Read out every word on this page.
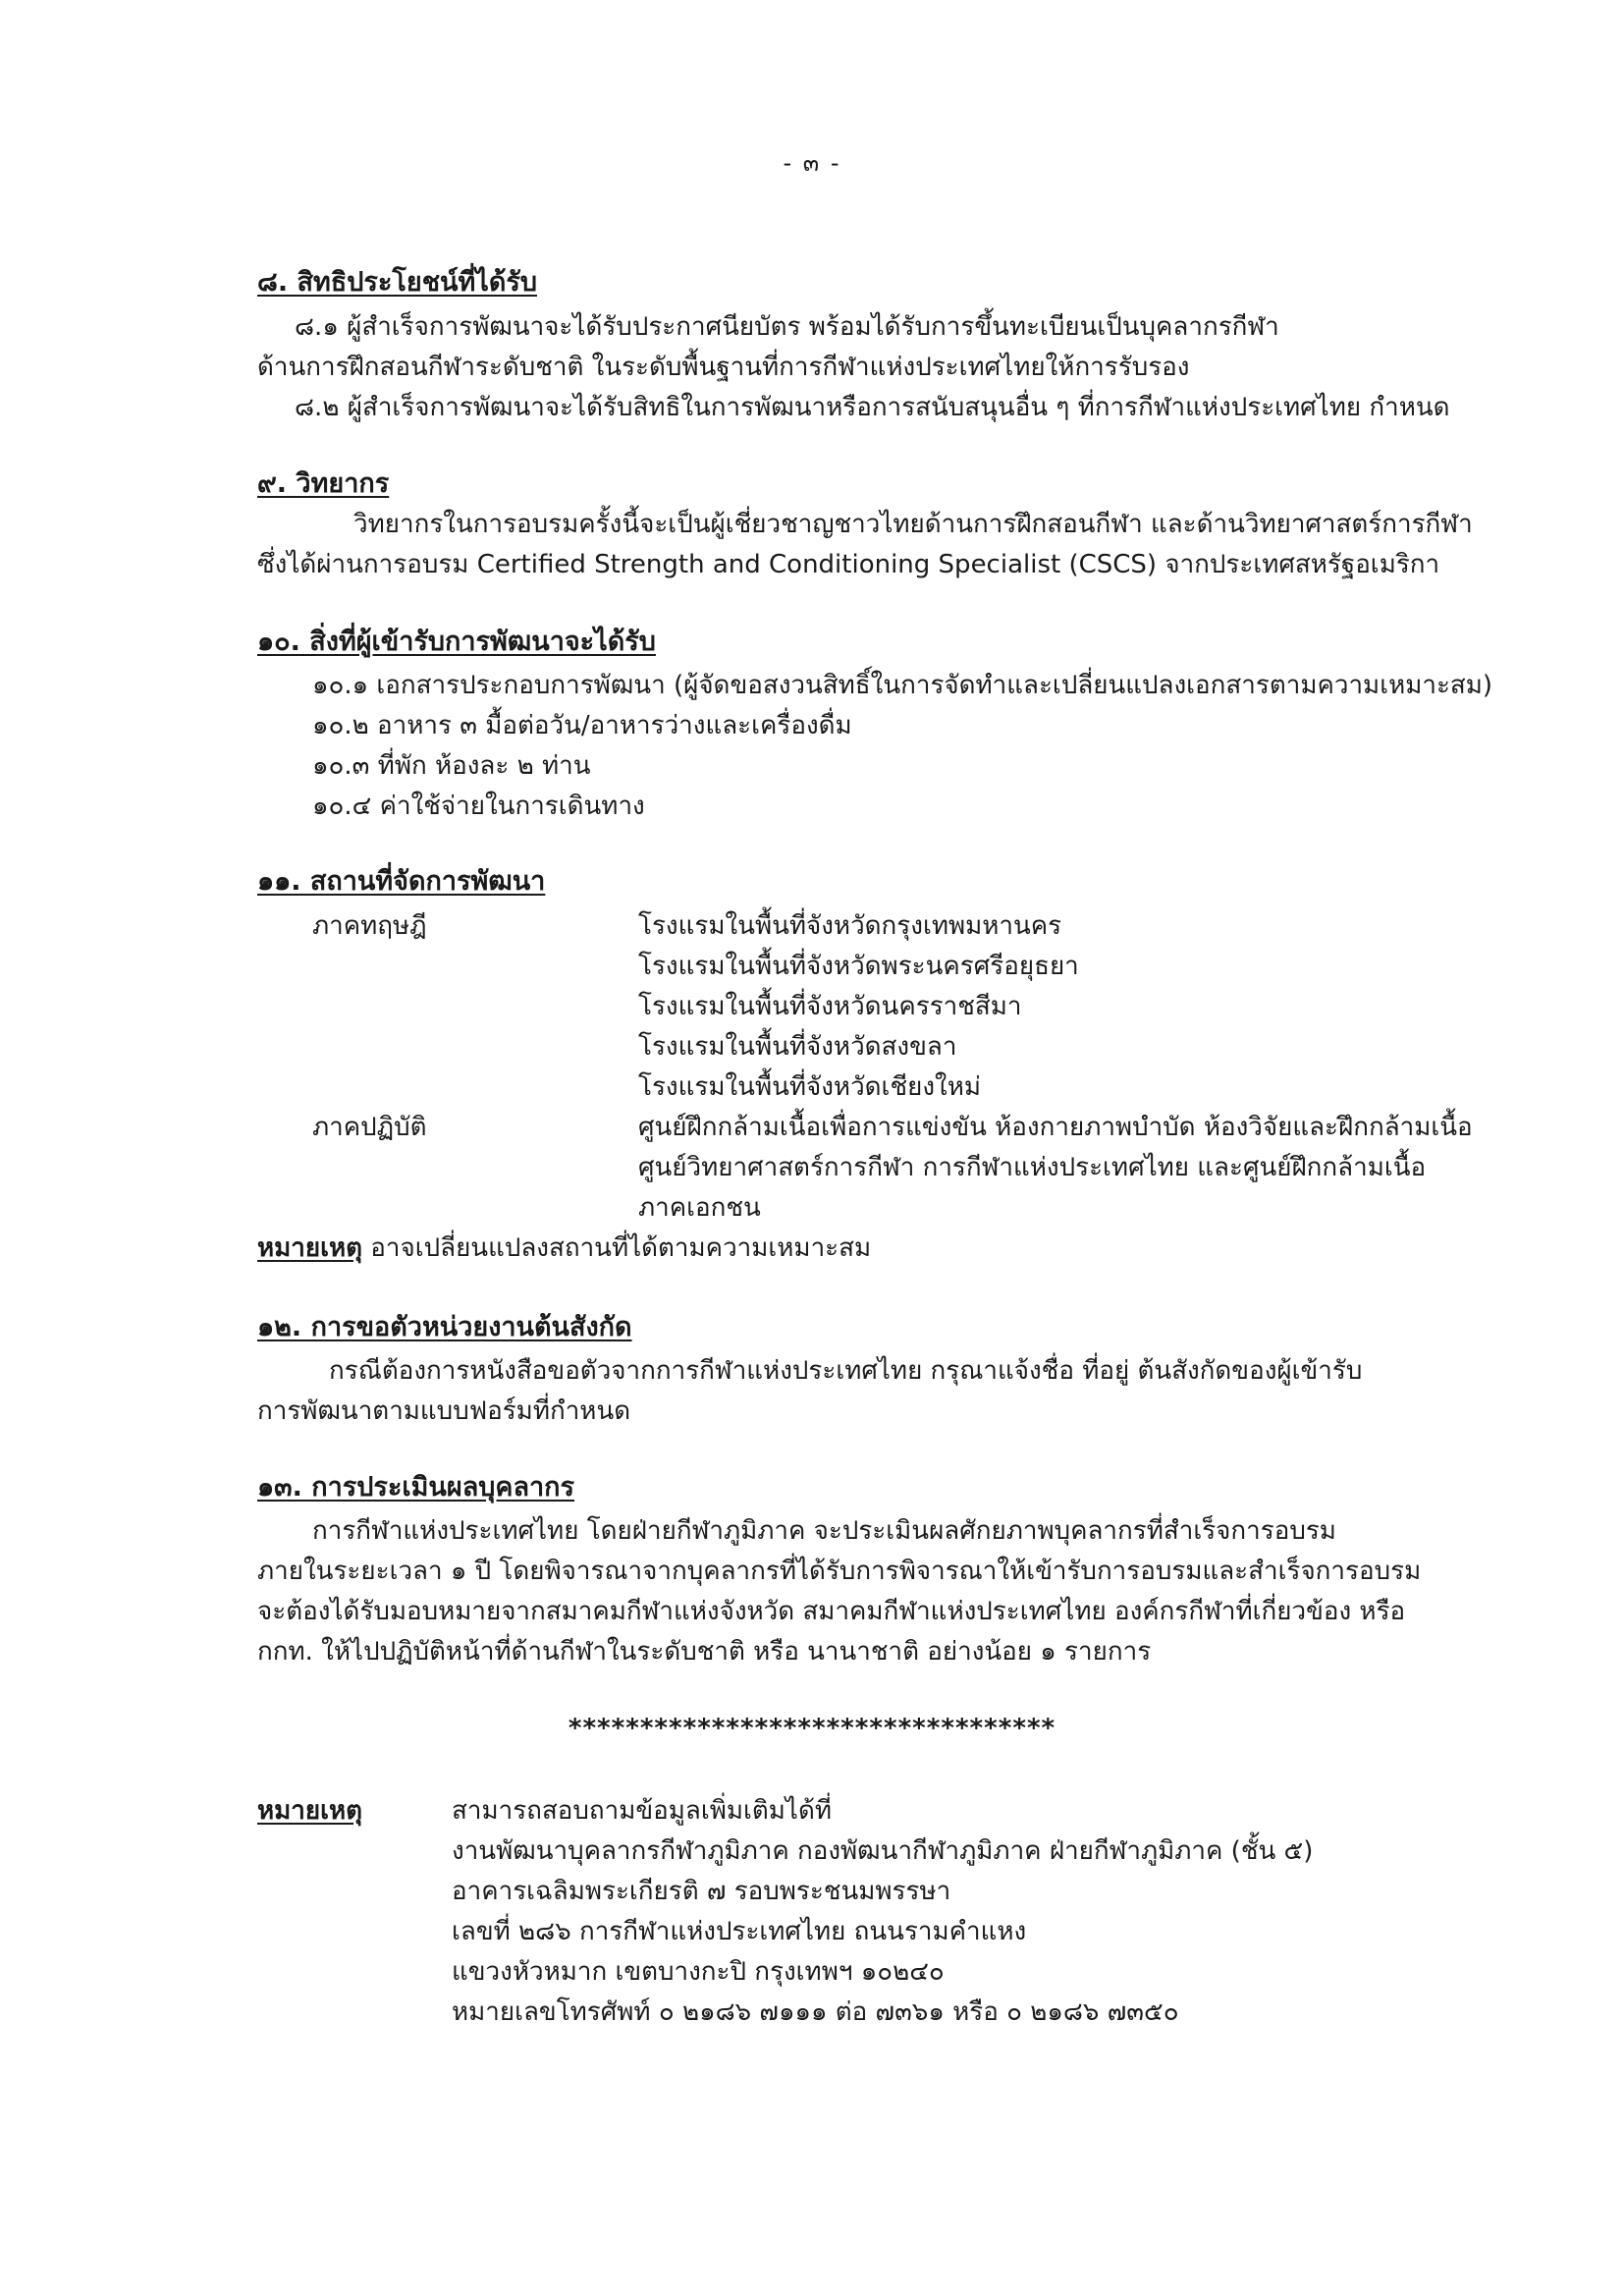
- ๓ -
๘. สิทธิประโยชน์ที่ได้รับ
๘.๑ ผู้สำเร็จการพัฒนาจะได้รับประกาศนียบัตร พร้อมได้รับการขึ้นทะเบียนเป็นบุคลากรกีฬา
ด้านการฝึกสอนกีฬาระดับชาติ ในระดับพื้นฐานที่การกีฬาแห่งประเทศไทยให้การรับรอง
๘.๒ ผู้สำเร็จการพัฒนาจะได้รับสิทธิในการพัฒนาหรือการสนับสนุนอื่น ๆ ที่การกีฬาแห่งประเทศไทย กำหนด
๙. วิทยากร
วิทยากรในการอบรมครั้งนี้จะเป็นผู้เชี่ยวชาญชาวไทยด้านการฝึกสอนกีฬา และด้านวิทยาศาสตร์การกีฬา
ซึ่งได้ผ่านการอบรม Certified Strength and Conditioning Specialist (CSCS) จากประเทศสหรัฐอเมริกา
๑๐. สิ่งที่ผู้เข้ารับการพัฒนาจะได้รับ
๑๐.๑ เอกสารประกอบการพัฒนา (ผู้จัดขอสงวนสิทธิ์ในการจัดทำและเปลี่ยนแปลงเอกสารตามความเหมาะสม)
๑๐.๒ อาหาร ๓ มื้อต่อวัน/อาหารว่างและเครื่องดื่ม
๑๐.๓ ที่พัก ห้องละ ๒ ท่าน
๑๐.๔ ค่าใช้จ่ายในการเดินทาง
๑๑. สถานที่จัดการพัฒนา
ภาคทฤษฎี	โรงแรมในพื้นที่จังหวัดกรุงเทพมหานคร
โรงแรมในพื้นที่จังหวัดพระนครศรีอยุธยา
โรงแรมในพื้นที่จังหวัดนครราชสีมา
โรงแรมในพื้นที่จังหวัดสงขลา
โรงแรมในพื้นที่จังหวัดเชียงใหม่
ภาคปฏิบัติ	ศูนย์ฝึกกล้ามเนื้อเพื่อการแข่งขัน ห้องกายภาพบำบัด ห้องวิจัยและฝึกกล้ามเนื้อ
ศูนย์วิทยาศาสตร์การกีฬา การกีฬาแห่งประเทศไทย และศูนย์ฝึกกล้ามเนื้อ
ภาคเอกชน
หมายเหตุ อาจเปลี่ยนแปลงสถานที่ได้ตามความเหมาะสม
๑๒. การขอตัวหน่วยงานต้นสังกัด
กรณีต้องการหนังสือขอตัวจากการกีฬาแห่งประเทศไทย กรุณาแจ้งชื่อ ที่อยู่ ต้นสังกัดของผู้เข้ารับ
การพัฒนาตามแบบฟอร์มที่กำหนด
๑๓. การประเมินผลบุคลากร
การกีฬาแห่งประเทศไทย โดยฝ่ายกีฬาภูมิภาค จะประเมินผลศักยภาพบุคลากรที่สำเร็จการอบรม
ภายในระยะเวลา ๑ ปี โดยพิจารณาจากบุคลากรที่ได้รับการพิจารณาให้เข้ารับการอบรมและสำเร็จการอบรม
จะต้องได้รับมอบหมายจากสมาคมกีฬาแห่งจังหวัด สมาคมกีฬาแห่งประเทศไทย องค์กรกีฬาที่เกี่ยวข้อง หรือ
กกท. ให้ไปปฏิบัติหน้าที่ด้านกีฬาในระดับชาติ หรือ นานาชาติ อย่างน้อย ๑ รายการ
**********************************
หมายเหตุ	สามารถสอบถามข้อมูลเพิ่มเติมได้ที่
งานพัฒนาบุคลากรกีฬาภูมิภาค กองพัฒนากีฬาภูมิภาค ฝ่ายกีฬาภูมิภาค (ชั้น ๕)
อาคารเฉลิมพระเกียรติ ๗ รอบพระชนมพรรษา
เลขที่ ๒๘๖ การกีฬาแห่งประเทศไทย ถนนรามคำแหง
แขวงหัวหมาก เขตบางกะปิ กรุงเทพฯ ๑๐๒๔๐
หมายเลขโทรศัพท์ ๐ ๒๑๘๖ ๗๑๑๑ ต่อ ๗๓๖๑ หรือ ๐ ๒๑๘๖ ๗๓๕๐
